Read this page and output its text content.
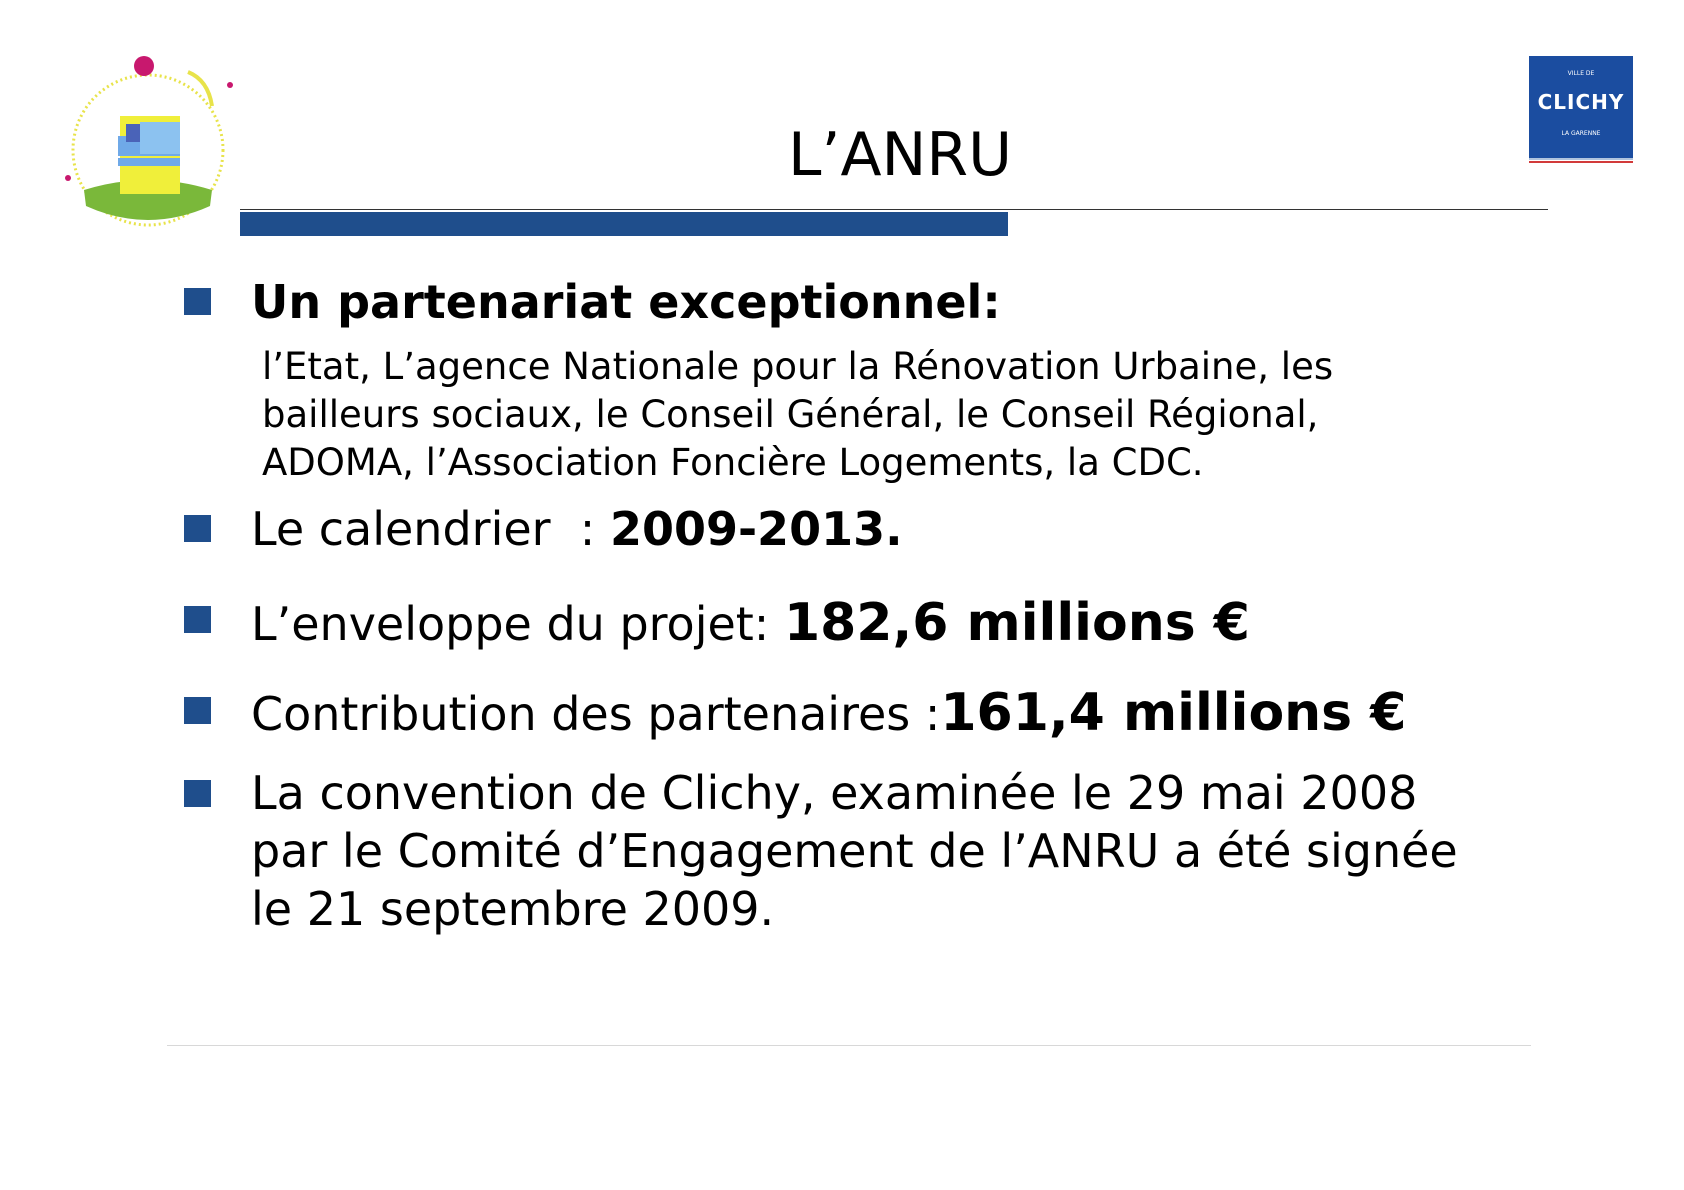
VILLE DE
CLICHY
LA GARENNE
L’ANRU
Un partenariat exceptionnel:
l’Etat, L’agence Nationale pour la Rénovation Urbaine, les
bailleurs sociaux, le Conseil Général, le Conseil Régional,
ADOMA, l’Association Foncière Logements, la CDC.
Le calendrier  : 2009-2013.
L’enveloppe du projet: 182,6 millions €
Contribution des partenaires :161,4 millions €
La convention de Clichy, examinée le 29 mai 2008
par le Comité d’Engagement de l’ANRU a été signée
le 21 septembre 2009.
